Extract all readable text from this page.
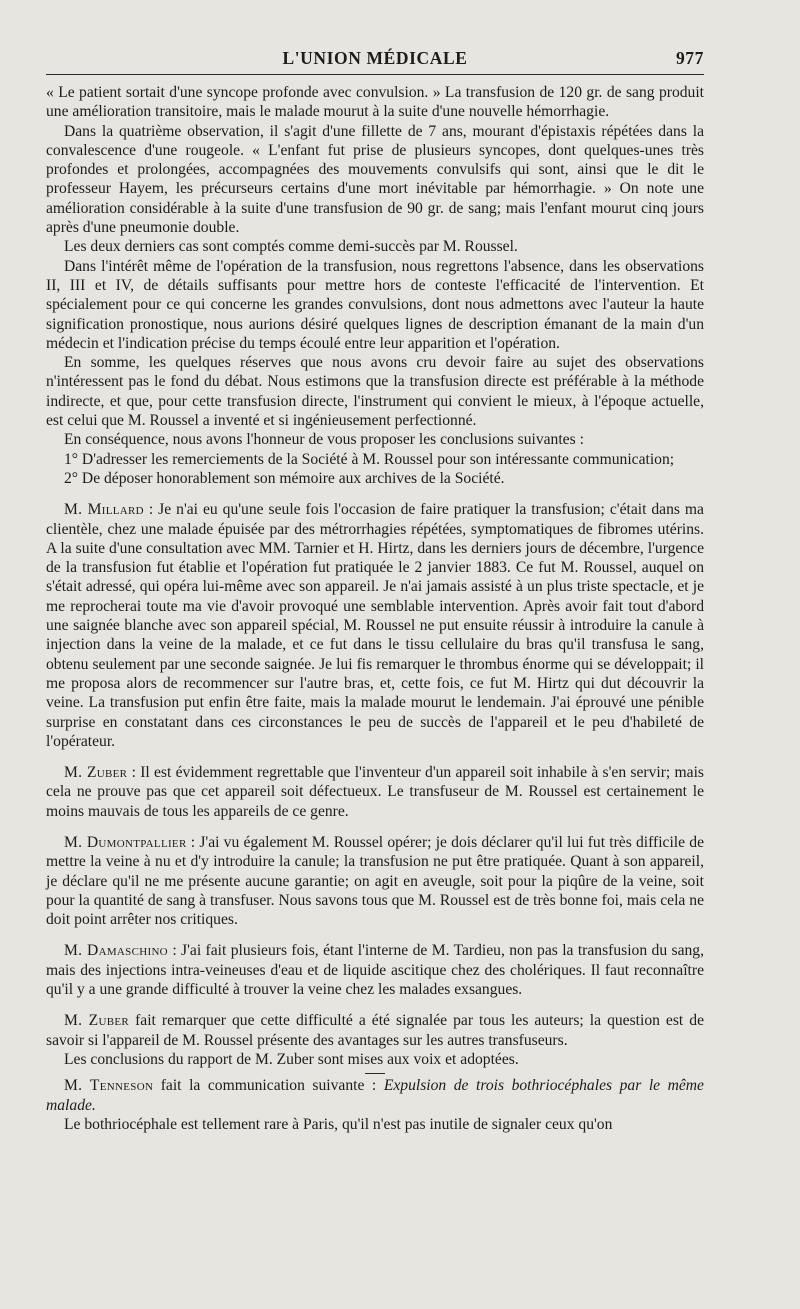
L'UNION MÉDICALE	977

« Le patient sortait d'une syncope profonde avec convulsion. » La transfusion de 120 gr. de sang produit une amélioration transitoire, mais le malade mourut à la suite d'une nouvelle hémorrhagie.

Dans la quatrième observation, il s'agit d'une fillette de 7 ans, mourant d'épistaxis répétées dans la convalescence d'une rougeole. « L'enfant fut prise de plusieurs syncopes, dont quelques-unes très profondes et prolongées, accompagnées des mouvements convulsifs qui sont, ainsi que le dit le professeur Hayem, les précurseurs certains d'une mort inévitable par hémorrhagie. » On note une amélioration considérable à la suite d'une transfusion de 90 gr. de sang; mais l'enfant mourut cinq jours après d'une pneumonie double.

Les deux derniers cas sont comptés comme demi-succès par M. Roussel.

Dans l'intérêt même de l'opération de la transfusion, nous regrettons l'absence, dans les observations II, III et IV, de détails suffisants pour mettre hors de conteste l'efficacité de l'intervention. Et spécialement pour ce qui concerne les grandes convulsions, dont nous admettons avec l'auteur la haute signification pronostique, nous aurions désiré quelques lignes de description émanant de la main d'un médecin et l'indication précise du temps écoulé entre leur apparition et l'opération.

En somme, les quelques réserves que nous avons cru devoir faire au sujet des observations n'intéressent pas le fond du débat. Nous estimons que la transfusion directe est préférable à la méthode indirecte, et que, pour cette transfusion directe, l'instrument qui convient le mieux, à l'époque actuelle, est celui que M. Roussel a inventé et si ingénieusement perfectionné.

En conséquence, nous avons l'honneur de vous proposer les conclusions suivantes :

1° D'adresser les remerciements de la Société à M. Roussel pour son intéressante communication;

2° De déposer honorablement son mémoire aux archives de la Société.

M. Millard : Je n'ai eu qu'une seule fois l'occasion de faire pratiquer la transfusion; c'était dans ma clientèle, chez une malade épuisée par des métrorrhagies répétées, symptomatiques de fibromes utérins. A la suite d'une consultation avec MM. Tarnier et H. Hirtz, dans les derniers jours de décembre, l'urgence de la transfusion fut établie et l'opération fut pratiquée le 2 janvier 1883. Ce fut M. Roussel, auquel on s'était adressé, qui opéra lui-même avec son appareil. Je n'ai jamais assisté à un plus triste spectacle, et je me reprocherai toute ma vie d'avoir provoqué une semblable intervention. Après avoir fait tout d'abord une saignée blanche avec son appareil spécial, M. Roussel ne put ensuite réussir à introduire la canule à injection dans la veine de la malade, et ce fut dans le tissu cellulaire du bras qu'il transfusa le sang, obtenu seulement par une seconde saignée. Je lui fis remarquer le thrombus énorme qui se développait; il me proposa alors de recommencer sur l'autre bras, et, cette fois, ce fut M. Hirtz qui dut découvrir la veine. La transfusion put enfin être faite, mais la malade mourut le lendemain. J'ai éprouvé une pénible surprise en constatant dans ces circonstances le peu de succès de l'appareil et le peu d'habileté de l'opérateur.

M. Zuber : Il est évidemment regrettable que l'inventeur d'un appareil soit inhabile à s'en servir; mais cela ne prouve pas que cet appareil soit défectueux. Le transfuseur de M. Roussel est certainement le moins mauvais de tous les appareils de ce genre.

M. Dumontpallier : J'ai vu également M. Roussel opérer; je dois déclarer qu'il lui fut très difficile de mettre la veine à nu et d'y introduire la canule; la transfusion ne put être pratiquée. Quant à son appareil, je déclare qu'il ne me présente aucune garantie; on agit en aveugle, soit pour la piqûre de la veine, soit pour la quantité de sang à transfuser. Nous savons tous que M. Roussel est de très bonne foi, mais cela ne doit point arrêter nos critiques.

M. Damaschino : J'ai fait plusieurs fois, étant l'interne de M. Tardieu, non pas la transfusion du sang, mais des injections intra-veineuses d'eau et de liquide ascitique chez des cholériques. Il faut reconnaître qu'il y a une grande difficulté à trouver la veine chez les malades exsangues.

M. Zuber fait remarquer que cette difficulté a été signalée par tous les auteurs; la question est de savoir si l'appareil de M. Roussel présente des avantages sur les autres transfuseurs.

Les conclusions du rapport de M. Zuber sont mises aux voix et adoptées.

M. Tenneson fait la communication suivante : Expulsion de trois bothriocéphales par le même malade.

Le bothriocéphale est tellement rare à Paris, qu'il n'est pas inutile de signaler ceux qu'on
